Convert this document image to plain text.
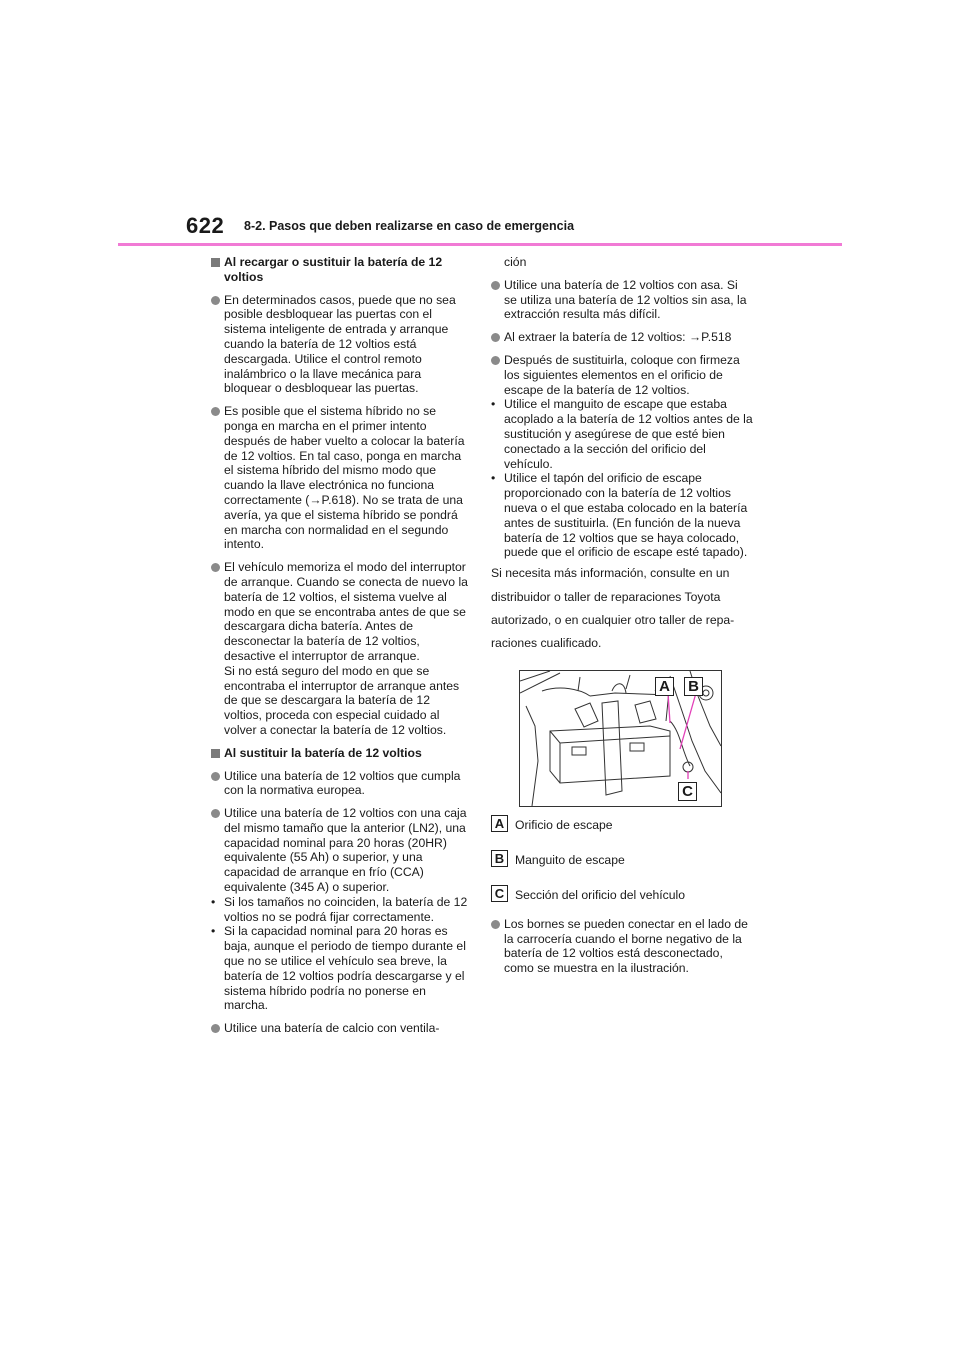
622 8-2. Pasos que deben realizarse en caso de emergencia
Al recargar o sustituir la batería de 12 voltios
En determinados casos, puede que no sea posible desbloquear las puertas con el sistema inteligente de entrada y arranque cuando la batería de 12 voltios está descargada. Utilice el control remoto inalámbrico o la llave mecánica para bloquear o desbloquear las puertas.
Es posible que el sistema híbrido no se ponga en marcha en el primer intento después de haber vuelto a colocar la batería de 12 voltios. En tal caso, ponga en marcha el sistema híbrido del mismo modo que cuando la llave electrónica no funciona correctamente (→P.618). No se trata de una avería, ya que el sistema híbrido se pondrá en marcha con normalidad en el segundo intento.
El vehículo memoriza el modo del interruptor de arranque. Cuando se conecta de nuevo la batería de 12 voltios, el sistema vuelve al modo en que se encontraba antes de que se descargara dicha batería. Antes de desconectar la batería de 12 voltios, desactive el interruptor de arranque.
Si no está seguro del modo en que se encontraba el interruptor de arranque antes de que se descargara la batería de 12 voltios, proceda con especial cuidado al volver a conectar la batería de 12 voltios.
Al sustituir la batería de 12 voltios
Utilice una batería de 12 voltios que cumpla con la normativa europea.
Utilice una batería de 12 voltios con una caja del mismo tamaño que la anterior (LN2), una capacidad nominal para 20 horas (20HR) equivalente (55 Ah) o superior, y una capacidad de arranque en frío (CCA) equivalente (345 A) o superior.
• Si los tamaños no coinciden, la batería de 12 voltios no se podrá fijar correctamente.
• Si la capacidad nominal para 20 horas es baja, aunque el periodo de tiempo durante el que no se utilice el vehículo sea breve, la batería de 12 voltios podría descargarse y el sistema híbrido podría no ponerse en marcha.
Utilice una batería de calcio con ventila-
ción
Utilice una batería de 12 voltios con asa. Si se utiliza una batería de 12 voltios sin asa, la extracción resulta más difícil.
Al extraer la batería de 12 voltios: →P.518
Después de sustituirla, coloque con firmeza los siguientes elementos en el orificio de escape de la batería de 12 voltios.
• Utilice el manguito de escape que estaba acoplado a la batería de 12 voltios antes de la sustitución y asegúrese de que esté bien conectado a la sección del orificio del vehículo.
• Utilice el tapón del orificio de escape proporcionado con la batería de 12 voltios nueva o el que estaba colocado en la batería antes de sustituirla. (En función de la nueva batería de 12 voltios que se haya colocado, puede que el orificio de escape esté tapado).

Si necesita más información, consulte en un

distribuidor o taller de reparaciones Toyota

autorizado, o en cualquier otro taller de repa-

raciones cualificado.

A B
C
A Orificio de escape
B Manguito de escape
C Sección del orificio del vehículo
Los bornes se pueden conectar en el lado de la carrocería cuando el borne negativo de la batería de 12 voltios está desconectado, como se muestra en la ilustración.
